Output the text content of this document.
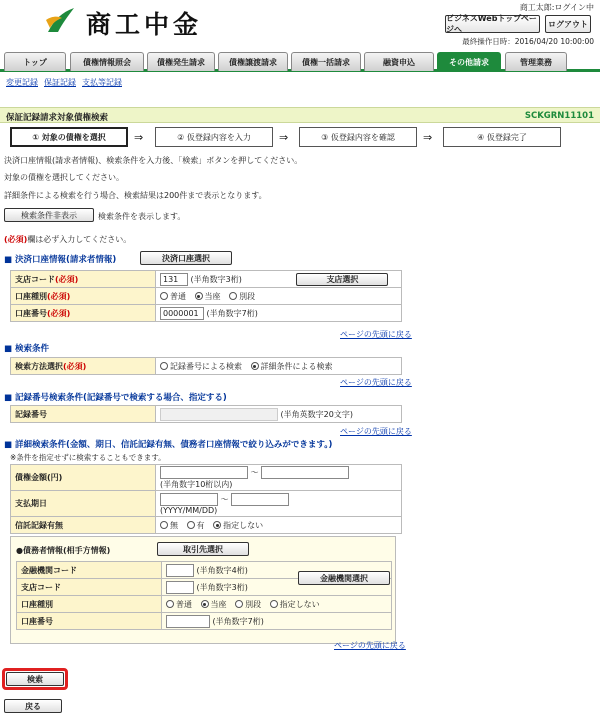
商工中金
商工太郎:ログイン中
ビジネスWebトップページへ
ログアウト
最終操作日時：2016/04/20 10:00:00
トップ	債権情報照会	債権発生請求	債権譲渡請求	債権一括請求	融資申込	その他請求	管理業務
変更記録 保証記録 支払等記録
保証記録請求対象債権検索	SCKGRN11101
① 対象の債権を選択	⇒	② 仮登録内容を入力	⇒	③ 仮登録内容を確認	⇒	④ 仮登録完了
決済口座情報(請求者情報)、検索条件を入力後、「検索」ボタンを押してください。
対象の債権を選択してください。
詳細条件による検索を行う場合、検索結果は200件まで表示となります。
検索条件非表示	検索条件を表示します。
(必須)欄は必ず入力してください。
■ 決済口座情報(請求者情報)	決済口座選択
支店コード(必須)	131 (半角数字3桁) 支店選択
口座種別(必須)	普通 当座 別段
口座番号(必須)	0000001 (半角数字7桁)
ページの先頭に戻る
■ 検索条件
検索方法選択(必須)	記録番号による検索 詳細条件による検索
ページの先頭に戻る
■ 記録番号検索条件(記録番号で検索する場合、指定する)
記録番号	(半角英数字20文字)
ページの先頭に戻る
■ 詳細検索条件(金額、期日、信託記録有無、債務者口座情報で絞り込みができます。)
※条件を指定せずに検索することもできます。
債権金額(円)	～
(半角数字10桁以内)
支払期日	～
(YYYY/MM/DD)
信託記録有無	無 有 指定しない
●債務者情報(相手方情報)	取引先選択
金融機関コード	(半角数字4桁)
支店コード	(半角数字3桁)
口座種別	普通 当座 別段 指定しない
口座番号	(半角数字7桁)
金融機関選択
ページの先頭に戻る
検索
戻る
